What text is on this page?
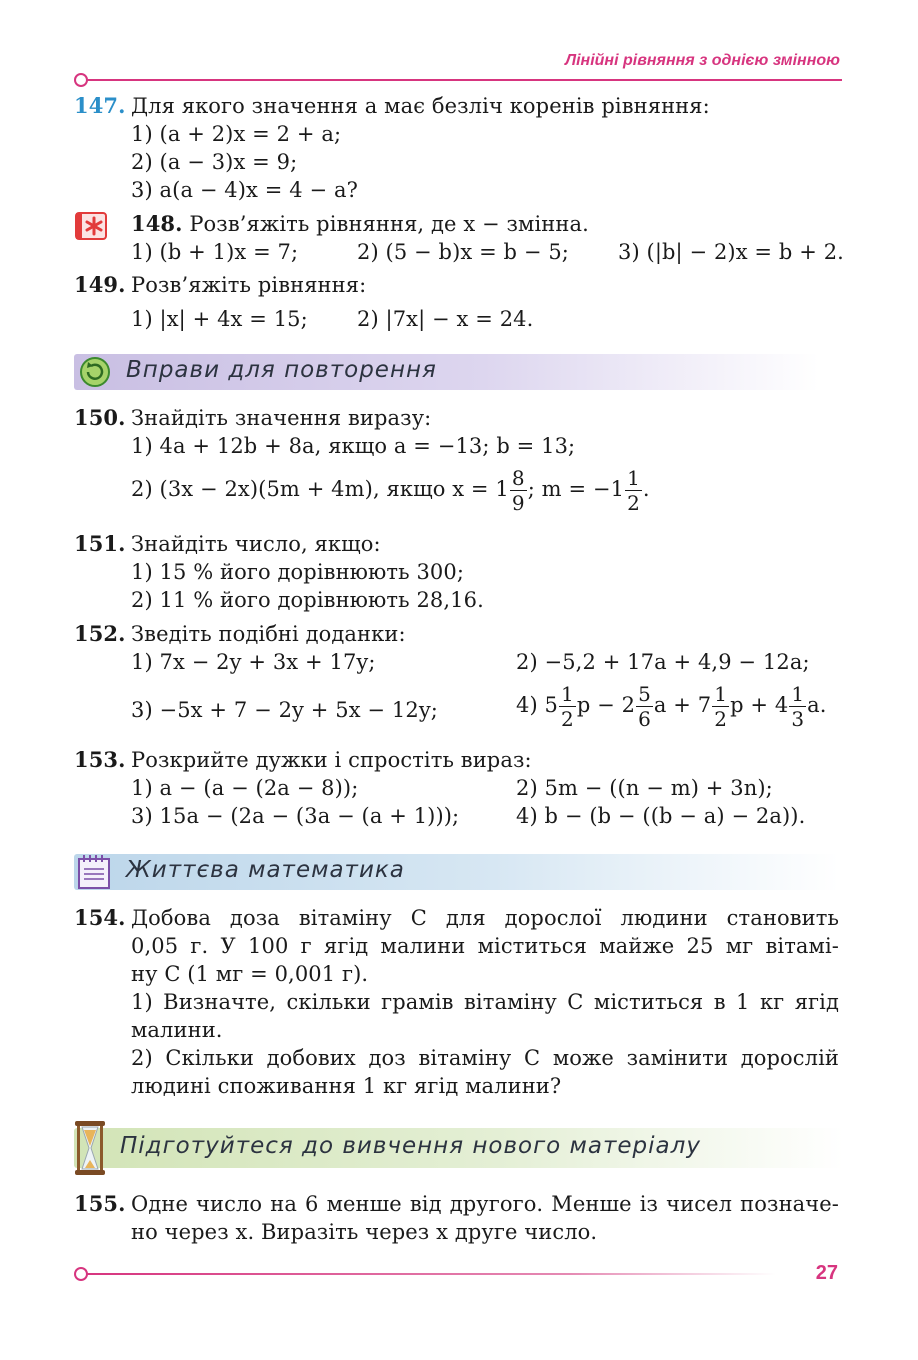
Лінійні рівняння з однією змінною
147. Для якого значення a має безліч коренів рівняння:
1) (a + 2)x = 2 + a;
2) (a − 3)x = 9;
3) a(a − 4)x = 4 − a?
148. Розв’яжіть рівняння, де x − змінна.
1) (b + 1)x = 7;	2) (5 − b)x = b − 5; 3) (|b| − 2)x = b + 2.
149. Розв’яжіть рівняння:
1) |x| + 4x = 15; 2) |7x| − x = 24.
Вправи для повторення
150. Знайдіть значення виразу:
1) 4a + 12b + 8a, якщо a = −13; b = 13;
2) (3x − 2x)(5m + 4m), якщо $x = 1 \frac{8}{9}$ ; $m = -1 \frac{1}{2}$ .
151. Знайдіть число, якщо:
1) 15 % його дорівнюють 300;
2) 11 % його дорівнюють 28,16.
152. Зведіть подібні доданки:
1) 7x − 2y + 3x + 17y;	2) −5,2 + 17a + 4,9 − 12a;
3) −5x + 7 − 2y + 5x − 12y;	4) $5 \frac{1}{2}$ $p - 2 \frac{5}{6}$ $a + 7 \frac{1}{2}$ $p + 4 \frac{1}{3} a$.
153. Розкрийте дужки і спростіть вираз:
1) a − (a − (2a − 8));	2) 5m − ((n − m) + 3n);
3) 15a − (2a − (3a − (a + 1)));	4) b − (b − ((b − a) − 2a)).
Життєва математика
154. Добова доза вітаміну С для дорослої людини становить
0,05 г. У 100 г ягід малини міститься майже 25 мг вітамі-
ну С (1 мг = 0,001 г).
1) Визначте, скільки грамів вітаміну С міститься в 1 кг ягід
малини.
2) Скільки добових доз вітаміну С може замінити дорослій
людині споживання 1 кг ягід малини?
Підготуйтеся до вивчення нового матеріалу
155. Одне число на 6 менше від другого. Менше із чисел позначе-
но через x. Виразіть через x друге число.
27
